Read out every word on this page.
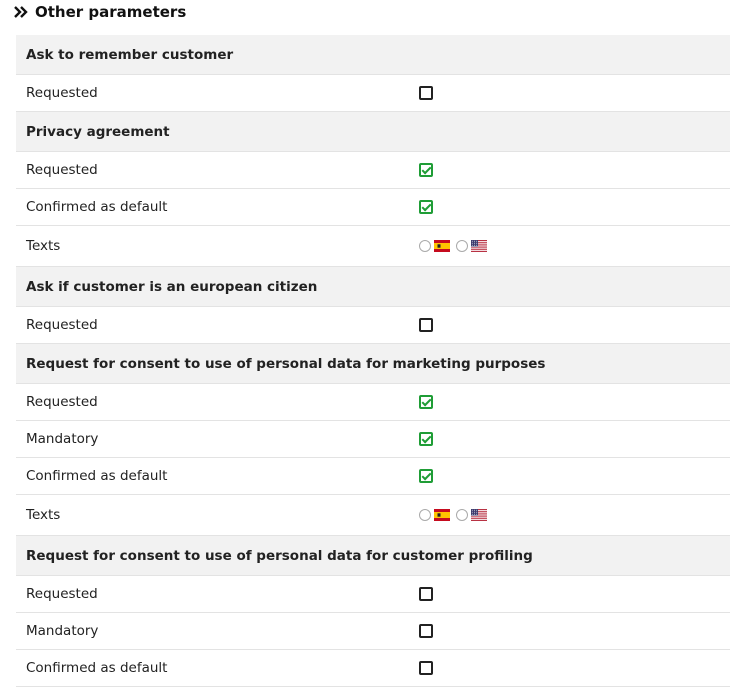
Other parameters
Ask to remember customer
Requested
Privacy agreement
Requested
Confirmed as default
Texts
Ask if customer is an european citizen
Requested
Request for consent to use of personal data for marketing purposes
Requested
Mandatory
Confirmed as default
Texts
Request for consent to use of personal data for customer profiling
Requested
Mandatory
Confirmed as default
